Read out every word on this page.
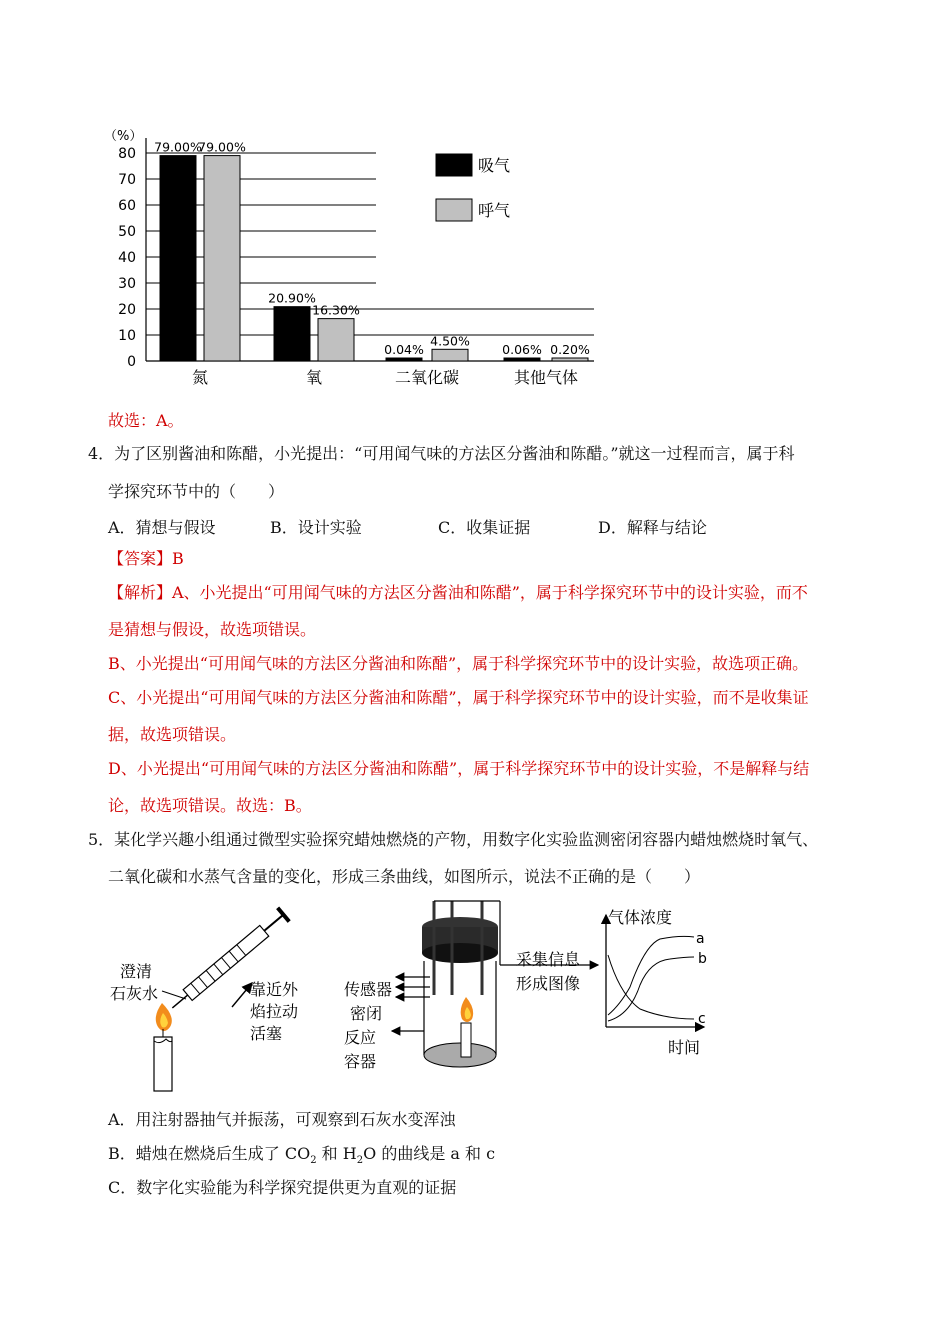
（%）
0
10
20
30
40
50
60
70
80 79.00%
79.00%
20.90%
16.30%
0.04%
4.50%
0.06% 0.20%
氮	氧	二氧化碳	其他气体
吸气
呼气
故选：A。
4．为了区别酱油和陈醋，小光提出：“可用闻气味的方法区分酱油和陈醋。”就这一过程而言，属于科
学探究环节中的（　　）
A．猜想与假设	B．设计实验	C．收集证据	D．解释与结论
【答案】B
【解析】A、小光提出“可用闻气味的方法区分酱油和陈醋”，属于科学探究环节中的设计实验，而不
是猜想与假设，故选项错误。
B、小光提出“可用闻气味的方法区分酱油和陈醋”，属于科学探究环节中的设计实验，故选项正确。
C、小光提出“可用闻气味的方法区分酱油和陈醋”，属于科学探究环节中的设计实验，而不是收集证
据，故选项错误。
D、小光提出“可用闻气味的方法区分酱油和陈醋”，属于科学探究环节中的设计实验，不是解释与结
论，故选项错误。故选：B。
5．某化学兴趣小组通过微型实验探究蜡烛燃烧的产物，用数字化实验监测密闭容器内蜡烛燃烧时氧气、
二氧化碳和水蒸气含量的变化，形成三条曲线，如图所示，说法不正确的是（　　）
澄清
石灰水	靠近外
焰拉动
活塞
传感器
密闭
反应
容器
采集信息
形成图像
气体浓度
时间
a
b
c
A．用注射器抽气并振荡，可观察到石灰水变浑浊
B．蜡烛在燃烧后生成了 $CO_2$ 和 $H_2O$ 的曲线是 a 和 c
C．数字化实验能为科学探究提供更为直观的证据
